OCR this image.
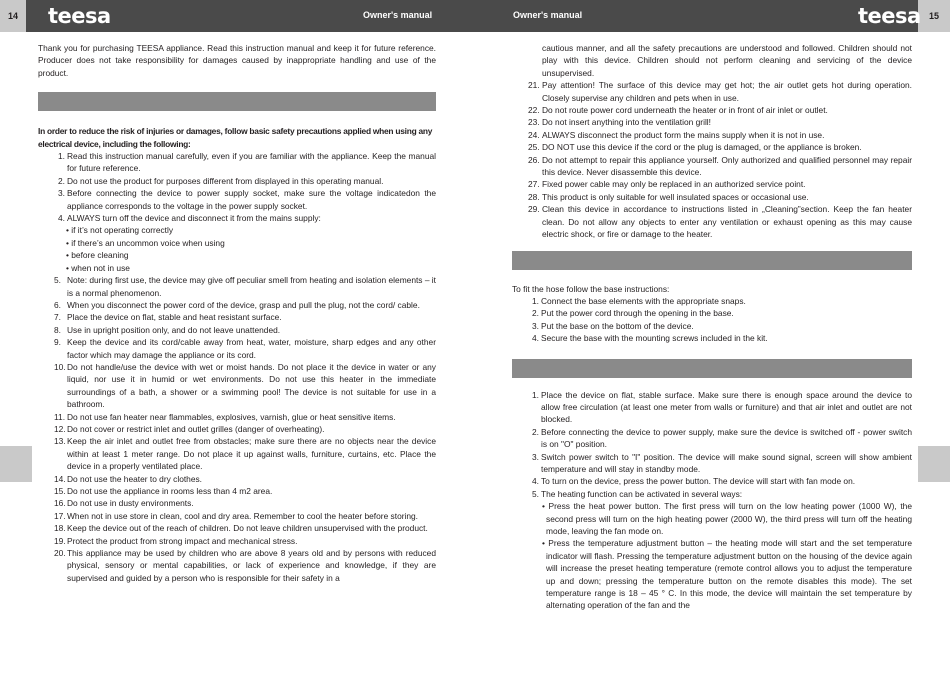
14	15
teesa	teesa
Owner's manual	Owner's manual

Thank you for purchasing TEESA appliance. Read this instruction manual and keep it for future reference. Producer does not take responsibility for damages caused by inappropriate handling and use of the product.

In order to reduce the risk of injuries or damages, follow basic safety precautions applied when using any electrical device, including the following:

1. Read this instruction manual carefully, even if you are familiar with the appliance. Keep the manual for future reference.
2. Do not use the product for purposes different from displayed in this operating manual.
3. Before connecting the device to power supply socket, make sure the voltage indicatedon the appliance corresponds to the voltage in the power supply socket.
4. ALWAYS turn off the device and disconnect it from the mains supply:
• if it’s not operating correctly
• if there’s an uncommon voice when using
• before cleaning
• when not in use
5. Note: during first use, the device may give off peculiar smell from heating and isolation elements – it is a normal phenomenon.
6. When you disconnect the power cord of the device, grasp and pull the plug, not the cord/ cable.
7. Place the device on flat, stable and heat resistant surface.
8. Use in upright position only, and do not leave unattended.
9. Keep the device and its cord/cable away from heat, water, moisture, sharp edges and any other factor which may damage the appliance or its cord.
10. Do not handle/use the device with wet or moist hands. Do not place it the device in water or any liquid, nor use it in humid or wet environments. Do not use this heater in the immediate surroundings of a bath, a shower or a swimming pool! The device is not suitable for use in a bathroom.
11. Do not use fan heater near flammables, explosives, varnish, glue or heat sensitive items.
12. Do not cover or restrict inlet and outlet grilles (danger of overheating).
13. Keep the air inlet and outlet free from obstacles; make sure there are no objects near the device within at least 1 meter range. Do not place it up against walls, furniture, curtains, etc. Place the device in a properly ventilated place.
14. Do not use the heater to dry clothes.
15. Do not use the appliance in rooms less than 4 m2 area.
16. Do not use in dusty environments.
17. When not in use store in clean, cool and dry area. Remember to cool the heater before storing.
18. Keep the device out of the reach of children. Do not leave children unsupervised with the product.
19. Protect the product from strong impact and mechanical stress.
20. This appliance may be used by children who are above 8 years old and by persons with reduced physical, sensory or mental capabilities, or lack of experience and knowledge, if they are supervised and guided by a person who is responsible for their safety in a

cautious manner, and all the safety precautions are understood and followed. Children should not play with this device. Children should not perform cleaning and servicing of the device unsupervised.

21. Pay attention! The surface of this device may get hot; the air outlet gets hot during operation. Closely supervise any children and pets when in use.
22. Do not route power cord underneath the heater or in front of air inlet or outlet.
23. Do not insert anything into the ventilation grill!
24. ALWAYS disconnect the product form the mains supply when it is not in use.
25. DO NOT use this device if the cord or the plug is damaged, or the appliance is broken.
26. Do not attempt to repair this appliance yourself. Only authorized and qualified personnel may repair this device. Never disassemble this device.
27. Fixed power cable may only be replaced in an authorized service point.
28. This product is only suitable for well insulated spaces or occasional use.
29. Clean this device in accordance to instructions listed in „Cleaning”section. Keep the fan heater clean. Do not allow any objects to enter any ventilation or exhaust opening as this may cause electric shock, or fire or damage to the heater.

To fit the hose follow the base instructions:

1. Connect the base elements with the appropriate snaps.
2. Put the power cord through the opening in the base.
3. Put the base on the bottom of the device.
4. Secure the base with the mounting screws included in the kit.
1. Place the device on flat, stable surface. Make sure there is enough space around the device to allow free circulation (at least one meter from walls or furniture) and that air inlet and outlet are not blocked.
2. Before connecting the device to power supply, make sure the device is switched off - power switch is on "O" position.
3. Switch power switch to "I" position. The device will make sound signal, screen will show ambient temperature and will stay in standby mode.
4. To turn on the device, press the power button. The device will start with fan mode on.
5. The heating function can be activated in several ways:
• Press the heat power button. The first press will turn on the low heating power (1000 W), the second press will turn on the high heating power (2000 W), the third press will turn off the heating mode, leaving the fan mode on.
• Press the temperature adjustment button – the heating mode will start and the set temperature indicator will flash. Pressing the temperature adjustment button on the housing of the device again will increase the preset heating temperature (remote control allows you to adjust the temperature up and down; pressing the temperature button on the remote disables this mode). The set temperature range is 18 – 45 ° C. In this mode, the device will maintain the set temperature by alternating operation of the fan and the
